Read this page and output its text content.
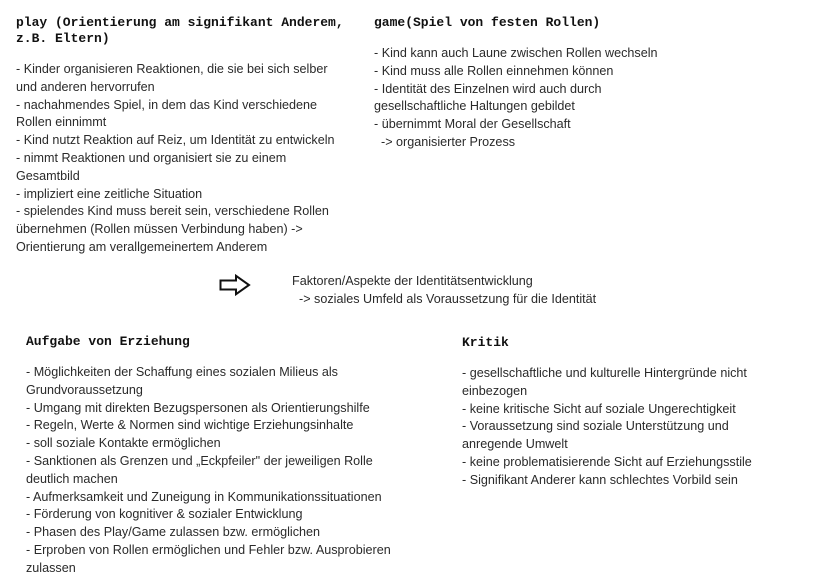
play (Orientierung am signifikant Anderem,
z.B. Eltern)

- Kinder organisieren Reaktionen, die sie bei sich selber
und anderen hervorrufen
- nachahmendes Spiel, in dem das Kind verschiedene
Rollen einnimmt
- Kind nutzt Reaktion auf Reiz, um Identität zu entwickeln
- nimmt Reaktionen und organisiert sie zu einem
Gesamtbild
- impliziert eine zeitliche Situation
- spielendes Kind muss bereit sein, verschiedene Rollen
übernehmen (Rollen müssen Verbindung haben) ->
Orientierung am verallgemeinertem Anderem

game(Spiel von festen Rollen)

- Kind kann auch Laune zwischen Rollen wechseln
- Kind muss alle Rollen einnehmen können
- Identität des Einzelnen wird auch durch
gesellschaftliche Haltungen gebildet
- übernimmt Moral der Gesellschaft
-> organisierter Prozess
Faktoren/Aspekte der Identitätsentwicklung
-> soziales Umfeld als Voraussetzung für die Identität

Aufgabe von Erziehung

- Möglichkeiten der Schaffung eines sozialen Milieus als
Grundvoraussetzung
- Umgang mit direkten Bezugspersonen als Orientierungshilfe
- Regeln, Werte & Normen sind wichtige Erziehungsinhalte
- soll soziale Kontakte ermöglichen
- Sanktionen als Grenzen und „Eckpfeiler" der jeweiligen Rolle
deutlich machen
- Aufmerksamkeit und Zuneigung in Kommunikationssituationen
- Förderung von kognitiver & sozialer Entwicklung
- Phasen des Play/Game zulassen bzw. ermöglichen
- Erproben von Rollen ermöglichen und Fehler bzw. Ausprobieren
zulassen

Kritik

- gesellschaftliche und kulturelle Hintergründe nicht
einbezogen
- keine kritische Sicht auf soziale Ungerechtigkeit
- Voraussetzung sind soziale Unterstützung und
anregende Umwelt
- keine problematisierende Sicht auf Erziehungsstile
- Signifikant Anderer kann schlechtes Vorbild sein
